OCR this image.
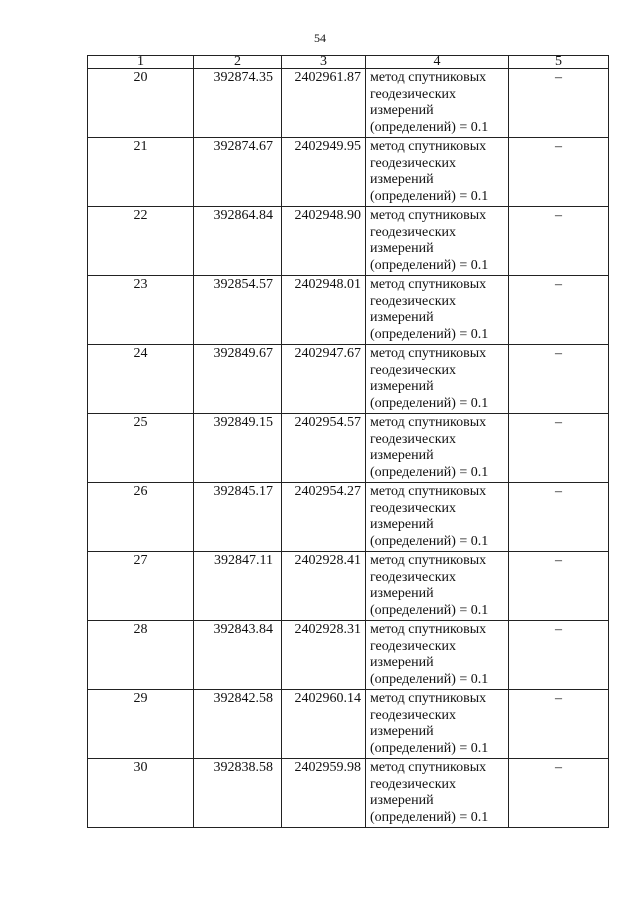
54
1	2	3	4	5
20	392874.35	2402961.87	метод спутниковых
геодезических
измерений
(определений) = 0.1	–
21	392874.67	2402949.95	метод спутниковых
геодезических
измерений
(определений) = 0.1	–
22	392864.84	2402948.90	метод спутниковых
геодезических
измерений
(определений) = 0.1	–
23	392854.57	2402948.01	метод спутниковых
геодезических
измерений
(определений) = 0.1	–
24	392849.67	2402947.67	метод спутниковых
геодезических
измерений
(определений) = 0.1	–
25	392849.15	2402954.57	метод спутниковых
геодезических
измерений
(определений) = 0.1	–
26	392845.17	2402954.27	метод спутниковых
геодезических
измерений
(определений) = 0.1	–
27	392847.11	2402928.41	метод спутниковых
геодезических
измерений
(определений) = 0.1	–
28	392843.84	2402928.31	метод спутниковых
геодезических
измерений
(определений) = 0.1	–
29	392842.58	2402960.14	метод спутниковых
геодезических
измерений
(определений) = 0.1	–
30	392838.58	2402959.98	метод спутниковых
геодезических
измерений
(определений) = 0.1	–
